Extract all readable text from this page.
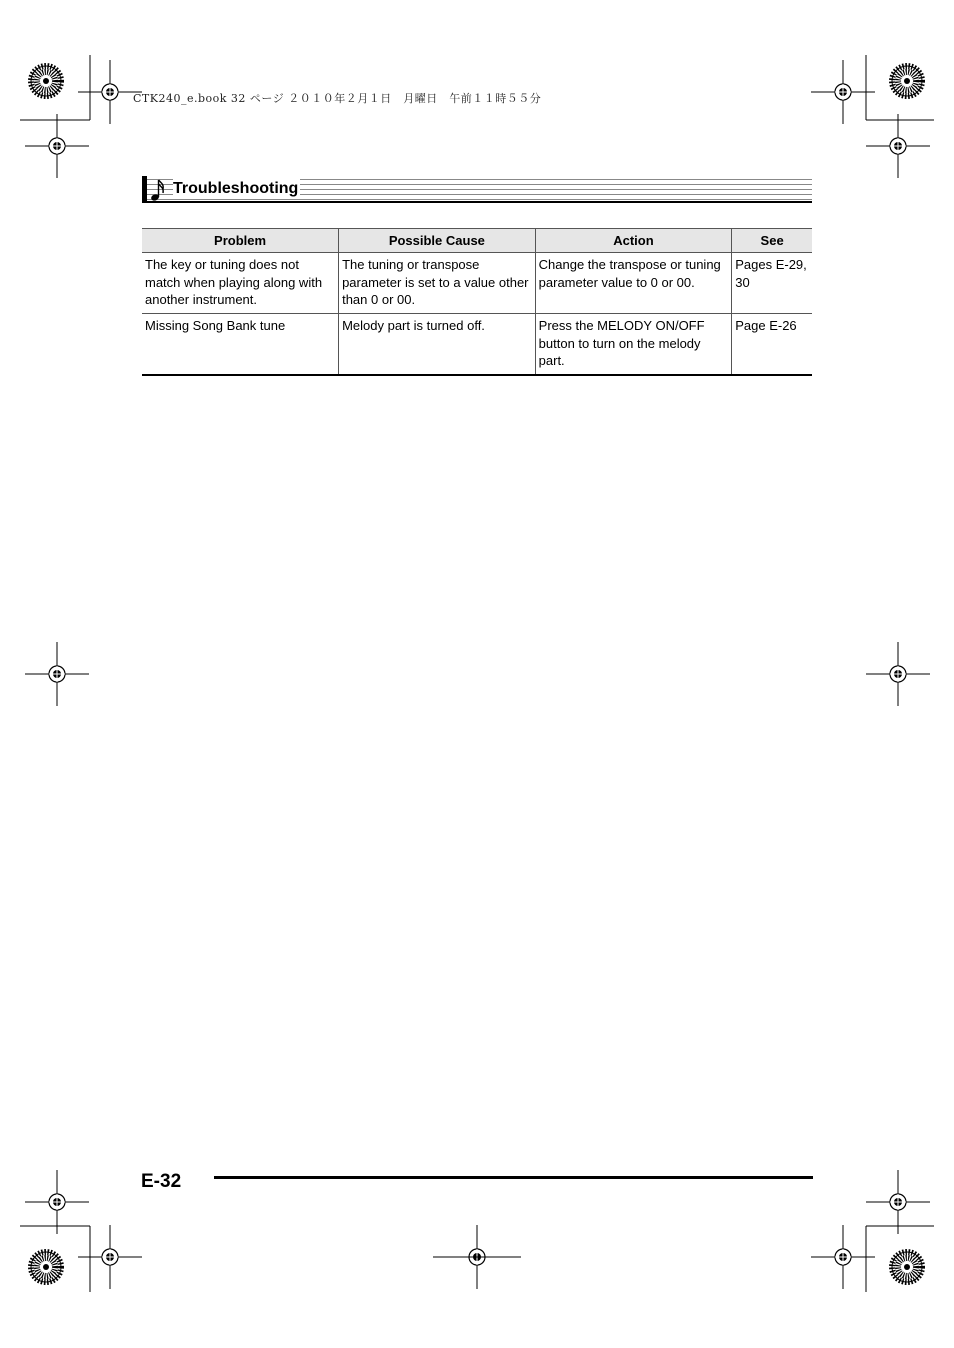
CTK240_e.book 32 ページ ２０１０年２月１日　月曜日　午前１１時５５分
Troubleshooting
Problem	Possible Cause	Action	See
The key or tuning does not match when playing along with another instrument.	The tuning or transpose parameter is set to a value other than 0 or 00.	Change the transpose or tuning parameter value to 0 or 00.	Pages E-29, 30
Missing Song Bank tune	Melody part is turned off.	Press the MELODY ON/OFF button to turn on the melody part.	Page E-26
E-32
